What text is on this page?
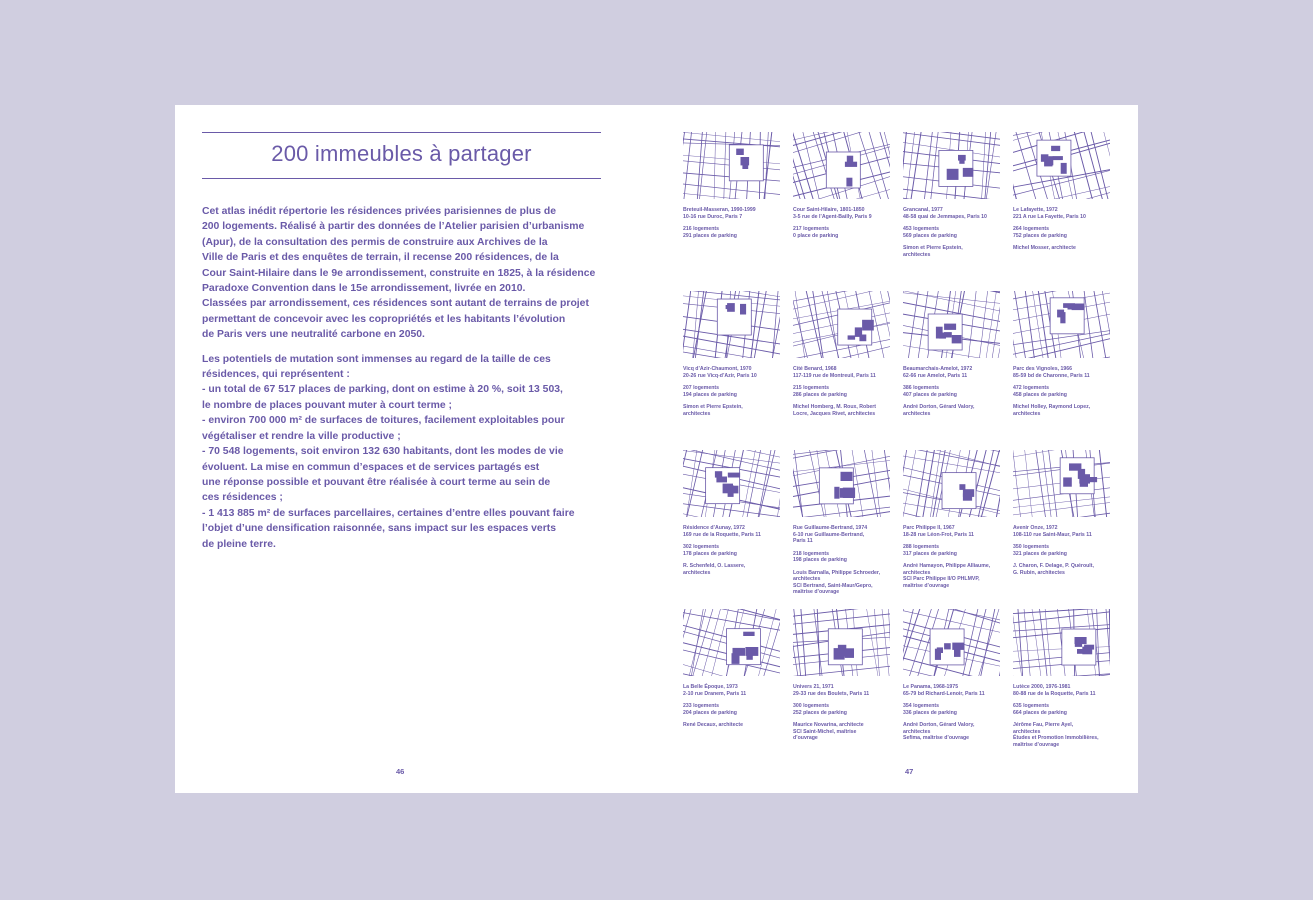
200 immeubles à partager

Cet atlas inédit répertorie les résidences privées parisiennes de plus de

200 logements. Réalisé à partir des données de l’Atelier parisien d’urbanisme

(Apur), de la consultation des permis de construire aux Archives de la

Ville de Paris et des enquêtes de terrain, il recense 200 résidences, de la

Cour Saint-Hilaire dans le 9e arrondissement, construite en 1825, à la résidence

Paradoxe Convention dans le 15e arrondissement, livrée en 2010.

Classées par arrondissement, ces résidences sont autant de terrains de projet

permettant de concevoir avec les copropriétés et les habitants l’évolution

de Paris vers une neutralité carbone en 2050.

Les potentiels de mutation sont immenses au regard de la taille de ces

résidences, qui représentent :

- un total de 67 517 places de parking, dont on estime à 20 %, soit 13 503,

le nombre de places pouvant muter à court terme ;

- environ 700 000 m² de surfaces de toitures, facilement exploitables pour

végétaliser et rendre la ville productive ;

- 70 548 logements, soit environ 132 630 habitants, dont les modes de vie

évoluent. La mise en commun d’espaces et de services partagés est

une réponse possible et pouvant être réalisée à court terme au sein de

ces résidences ;

- 1 413 885 m² de surfaces parcellaires, certaines d’entre elles pouvant faire

l’objet d’une densification raisonnée, sans impact sur les espaces verts

de pleine terre.

46	47
Breteuil-Masseran, 1990-1999
10-16 rue Duroc, Paris 7
216 logements
291 places de parking
Cour Saint-Hilaire, 1801-1850
3-5 rue de l’Agent-Bailly, Paris 9
217 logements
0 place de parking
Grancanal, 1977
48-58 quai de Jemmapes, Paris 10
453 logements
569 places de parking
Simon et Pierre Epstein,
architectes
Le Lafayette, 1972
221 A rue La Fayette, Paris 10
264 logements
752 places de parking
Michel Mosser, architecte
Vicq d’Azir-Chaumont, 1970
20-26 rue Vicq-d’Azir, Paris 10
207 logements
194 places de parking
Simon et Pierre Epstein,
architectes
Cité Benard, 1968
117-119 rue de Montreuil, Paris 11
215 logements
286 places de parking
Michel Homberg, M. Roux, Robert
Locre, Jacques Rivet, architectes
Beaumarchais-Amelot, 1972
62-66 rue Amelot, Paris 11
386 logements
407 places de parking
André Dorton, Gérard Valory,
architectes
Parc des Vignoles, 1966
85-59 bd de Charonne, Paris 11
472 logements
458 places de parking
Michel Holley, Raymond Lopez,
architectes
Résidence d’Aunay, 1972
169 rue de la Roquette, Paris 11
302 logements
178 places de parking
R. Schenfeld, O. Lassere,
architectes
Rue Guillaume-Bertrand, 1974
6-10 rue Guillaume-Bertrand,
Paris 11
218 logements
198 places de parking
Louis Barnalla, Philippe Schroeder,
architectes
SCI Bertrand, Saint-Maur/Gepro,
maîtrise d’ouvrage
Parc Philippe II, 1967
18-28 rue Léon-Frot, Paris 11
288 logements
317 places de parking
André Hamayon, Philippe Alliaume,
architectes
SCI Parc Philippe II/O PHLMVP,
maîtrise d’ouvrage
Avenir Onze, 1972
108-110 rue Saint-Maur, Paris 11
350 logements
321 places de parking
J. Charon, F. Delage, P. Quéroult,
G. Rubin, architectes
La Belle Époque, 1973
2-10 rue Dranem, Paris 11
233 logements
204 places de parking
René Decaux, architecte
Univers 21, 1971
29-33 rue des Boulets, Paris 11
300 logements
252 places de parking
Maurice Novarina, architecte
SCI Saint-Michel, maîtrise
d’ouvrage
Le Panama, 1968-1975
65-79 bd Richard-Lenoir, Paris 11
354 logements
336 places de parking
André Dorton, Gérard Valory,
architectes
Sefima, maîtrise d’ouvrage
Lutèce 2000, 1976-1981
80-88 rue de la Roquette, Paris 11
635 logements
664 places de parking
Jérôme Fau, Pierre Ayel,
architectes
Études et Promotion Immobilières,
maîtrise d’ouvrage
